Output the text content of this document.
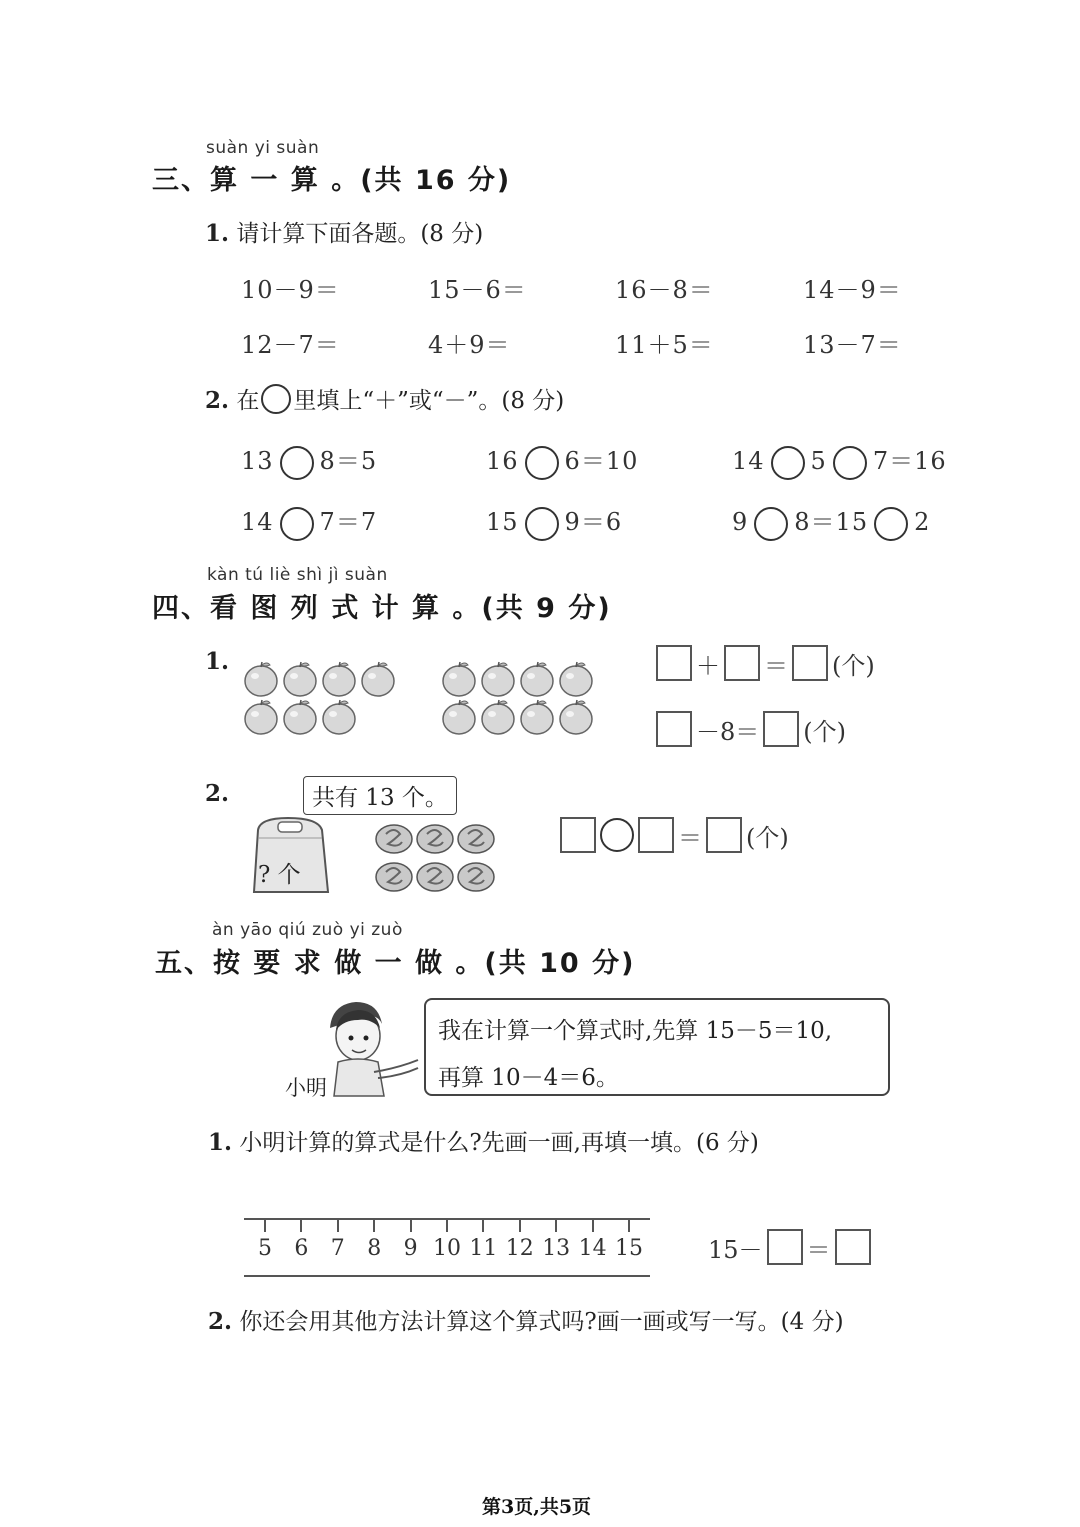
suàn yi suàn
三、算 一 算 。(共 16 分)
1. 请计算下面各题。(8 分)
10－9＝	15－6＝	16－8＝	14－9＝
12－7＝	4＋9＝	11＋5＝	13－7＝
2. 在 里填上“＋”或“－”。(8 分)
13 8＝5	16 6＝10	14 5 7＝16
14 7＝7	15 9＝6	9 8＝15 2
kàn tú liè shì jì suàn
四、看 图 列 式 计 算 。(共 9 分)
1.	＋ ＝ (个)
－8＝ (个)
2.	共有 13 个。
? 个
＝ (个)
àn yāo qiú zuò yi zuò
五、按 要 求 做 一 做 。(共 10 分)
小明
我在计算一个算式时,先算 15－5＝10,
再算 10－4＝6。
1. 小明计算的算式是什么?先画一画,再填一填。(6 分)
5	6	7	8	9 10 11 12 13 14 15	15－ ＝
2. 你还会用其他方法计算这个算式吗?画一画或写一写。(4 分)
第3页,共5页
